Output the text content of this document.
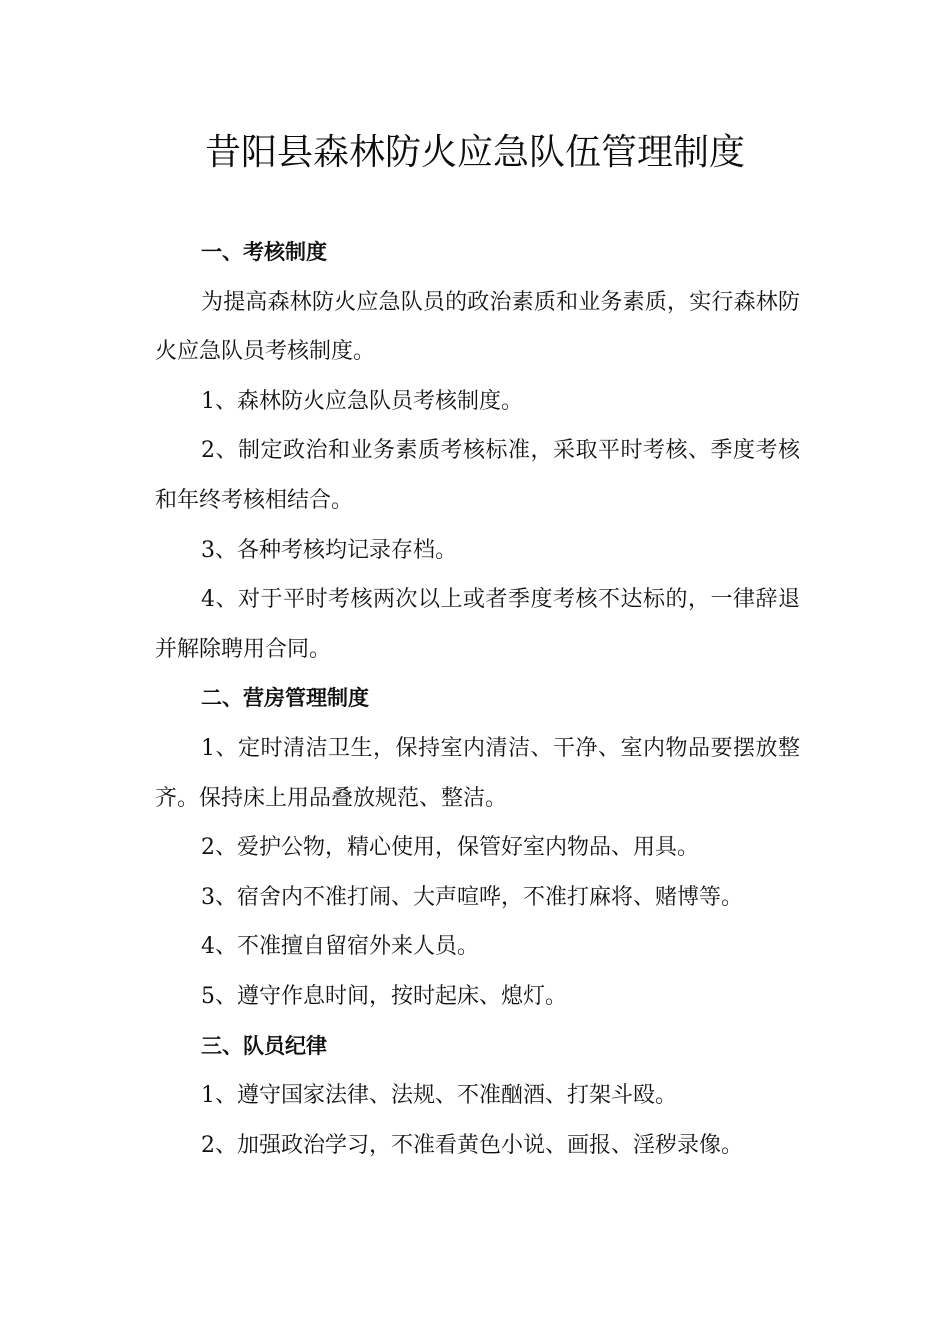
昔阳县森林防火应急队伍管理制度

一、考核制度

为提高森林防火应急队员的政治素质和业务素质，实行森林防火应急队员考核制度。

1、森林防火应急队员考核制度。

2、制定政治和业务素质考核标准，采取平时考核、季度考核和年终考核相结合。

3、各种考核均记录存档。

4、对于平时考核两次以上或者季度考核不达标的，一律辞退并解除聘用合同。

二、营房管理制度

1、定时清洁卫生，保持室内清洁、干净、室内物品要摆放整齐。保持床上用品叠放规范、整洁。

2、爱护公物，精心使用，保管好室内物品、用具。

3、宿舍内不准打闹、大声喧哗，不准打麻将、赌博等。

4、不准擅自留宿外来人员。

5、遵守作息时间，按时起床、熄灯。

三、队员纪律

1、遵守国家法律、法规、不准酗酒、打架斗殴。

2、加强政治学习，不准看黄色小说、画报、淫秽录像。
